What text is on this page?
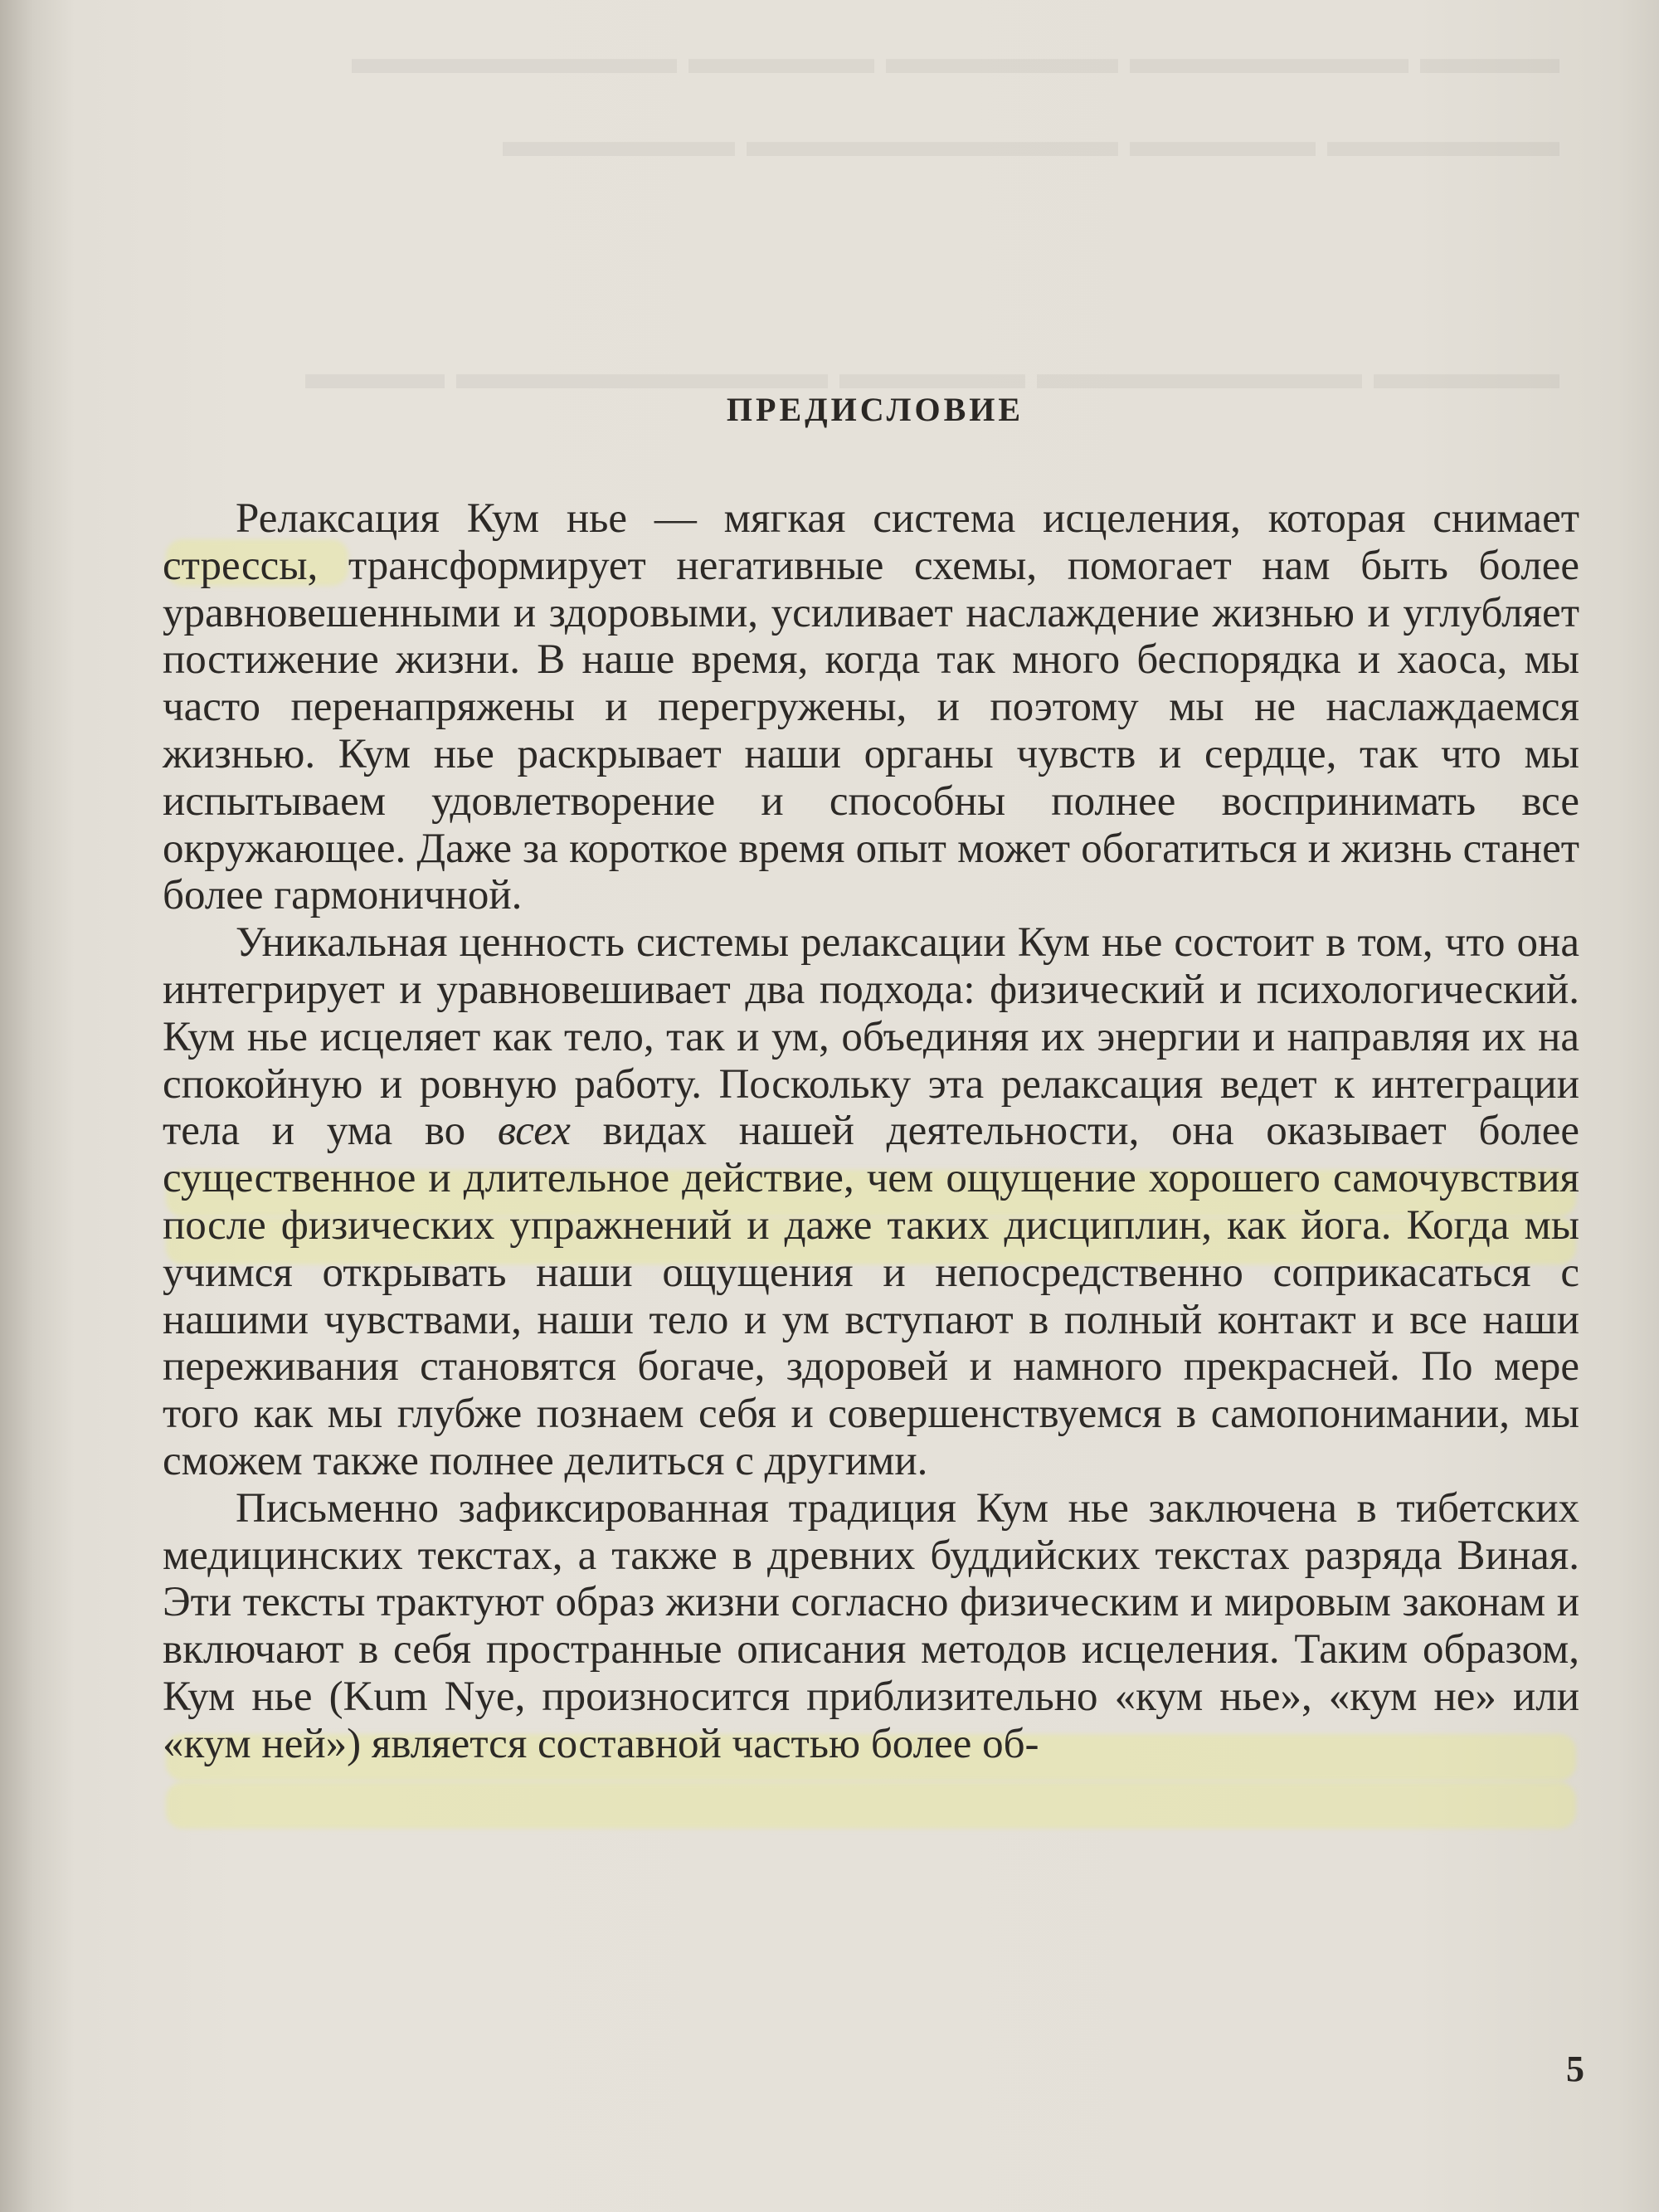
▬▬▬ ▬▬▬▬▬▬ ▬▬▬▬▬ ▬▬▬▬ ▬▬▬▬▬▬▬
▬▬▬▬▬ ▬▬▬▬ ▬▬▬▬▬▬▬▬ ▬▬▬▬▬
▬▬▬▬ ▬▬▬▬▬▬▬ ▬▬▬▬ ▬▬▬▬▬▬▬▬ ▬▬▬
ПРЕДИСЛОВИЕ

Релаксация Кум нье — мягкая система исцеления, которая снимает стрессы, трансформирует негативные схемы, помогает нам быть более уравновешенными и здоровыми, усиливает наслаждение жизнью и углубляет постижение жизни. В наше время, когда так много беспорядка и хаоса, мы часто перенапряжены и перегружены, и поэтому мы не наслаждаемся жизнью. Кум нье раскрывает наши органы чувств и сердце, так что мы испытываем удовлетворение и способны полнее воспринимать все окружающее. Даже за короткое время опыт может обогатиться и жизнь станет более гармоничной.

Уникальная ценность системы релаксации Кум нье состоит в том, что она интегрирует и уравновешивает два подхода: физический и психологический. Кум нье исцеляет как тело, так и ум, объединяя их энергии и направляя их на спокойную и ровную работу. Поскольку эта релаксация ведет к интеграции тела и ума во всех видах нашей деятельности, она оказывает более существенное и длительное действие, чем ощущение хорошего самочувствия после физических упражнений и даже таких дисциплин, как йога. Когда мы учимся открывать наши ощущения и непосредственно соприкасаться с нашими чувствами, наши тело и ум вступают в полный контакт и все наши переживания становятся богаче, здоровей и намного прекрасней. По мере того как мы глубже познаем себя и совершенствуемся в самопонимании, мы сможем также полнее делиться с другими.

Письменно зафиксированная традиция Кум нье заключена в тибетских медицинских текстах, а также в древних буддийских текстах разряда Виная. Эти тексты трактуют образ жизни согласно физическим и мировым законам и включают в себя пространные описания методов исцеления. Таким образом, Кум нье (Kum Nye, произносится приблизительно «кум нье», «кум не» или «кум ней») является составной частью более об-

5
